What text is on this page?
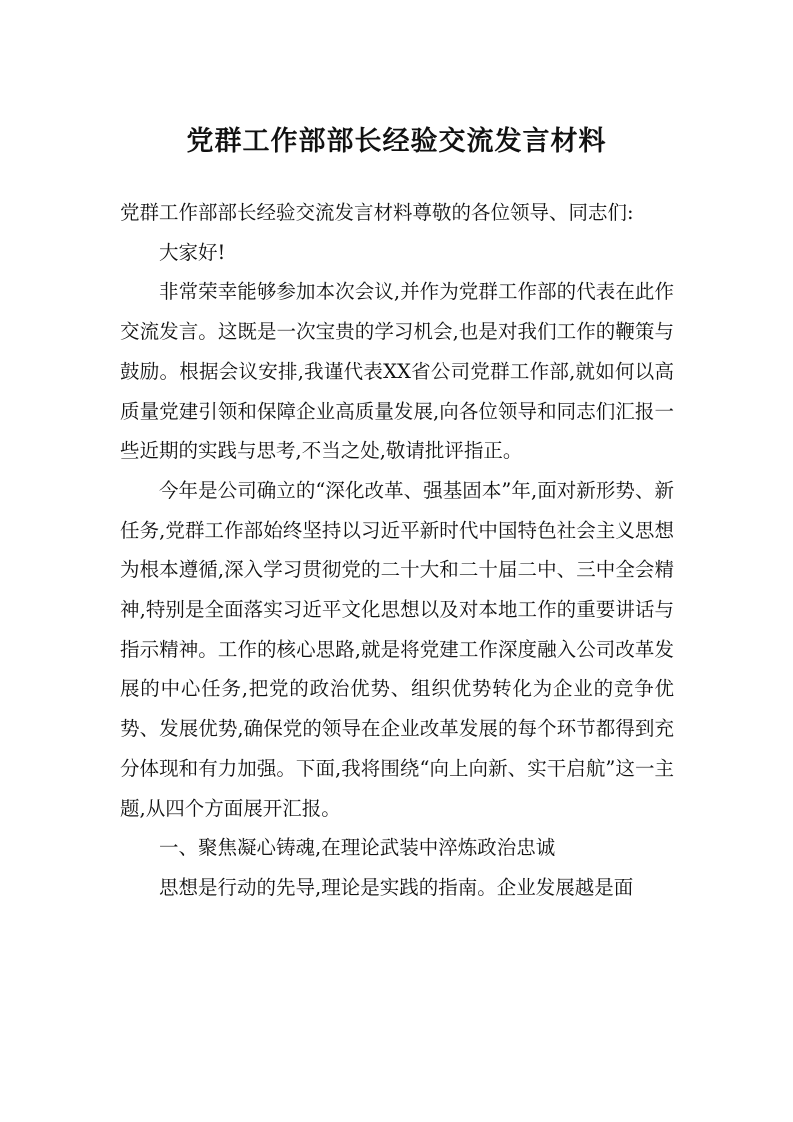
党群工作部部长经验交流发言材料

党群工作部部长经验交流发言材料尊敬的各位领导、同志们:

大家好!

非常荣幸能够参加本次会议,并作为党群工作部的代表在此作交流发言。这既是一次宝贵的学习机会,也是对我们工作的鞭策与鼓励。根据会议安排,我谨代表XX省公司党群工作部,就如何以高质量党建引领和保障企业高质量发展,向各位领导和同志们汇报一些近期的实践与思考,不当之处,敬请批评指正。

今年是公司确立的“深化改革、强基固本”年,面对新形势、新任务,党群工作部始终坚持以习近平新时代中国特色社会主义思想为根本遵循,深入学习贯彻党的二十大和二十届二中、三中全会精神,特别是全面落实习近平文化思想以及对本地工作的重要讲话与指示精神。工作的核心思路,就是将党建工作深度融入公司改革发展的中心任务,把党的政治优势、组织优势转化为企业的竞争优势、发展优势,确保党的领导在企业改革发展的每个环节都得到充分体现和有力加强。下面,我将围绕“向上向新、实干启航”这一主题,从四个方面展开汇报。

一、聚焦凝心铸魂,在理论武装中淬炼政治忠诚

思想是行动的先导,理论是实践的指南。企业发展越是面
